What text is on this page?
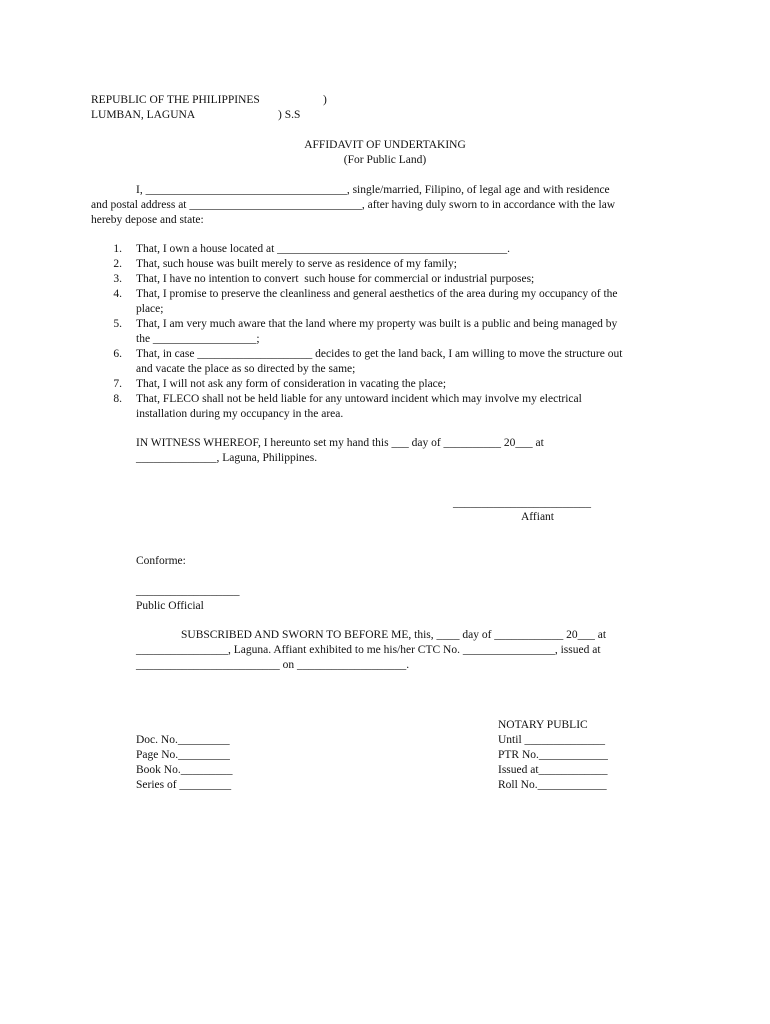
REPUBLIC OF THE PHILIPPINES	)
LUMBAN, LAGUNA	) S.S
AFFIDAVIT OF UNDERTAKING
(For Public Land)
I, ___________________________________, single/married, Filipino, of legal age and with residence
and postal address at ______________________________, after having duly sworn to in accordance with the law
hereby depose and state:
1. That, I own a house located at ________________________________________.
2. That, such house was built merely to serve as residence of my family;
3. That, I have no intention to convert  such house for commercial or industrial purposes;
4. That, I promise to preserve the cleanliness and general aesthetics of the area during my occupancy of the
place;
5. That, I am very much aware that the land where my property was built is a public and being managed by
the __________________;
6. That, in case ____________________ decides to get the land back, I am willing to move the structure out
and vacate the place as so directed by the same;
7. That, I will not ask any form of consideration in vacating the place;
8. That, FLECO shall not be held liable for any untoward incident which may involve my electrical
installation during my occupancy in the area.
IN WITNESS WHEREOF, I hereunto set my hand this ___ day of __________ 20___ at
______________, Laguna, Philippines.
________________________
Affiant
Conforme:
__________________
Public Official
SUBSCRIBED AND SWORN TO BEFORE ME, this, ____ day of ____________ 20___ at
________________, Laguna. Affiant exhibited to me his/her CTC No. ________________, issued at
_________________________ on ___________________.
NOTARY PUBLIC
Until ______________
PTR No.____________
Issued at____________
Roll No.____________
Doc. No._________
Page No._________
Book No._________
Series of _________
